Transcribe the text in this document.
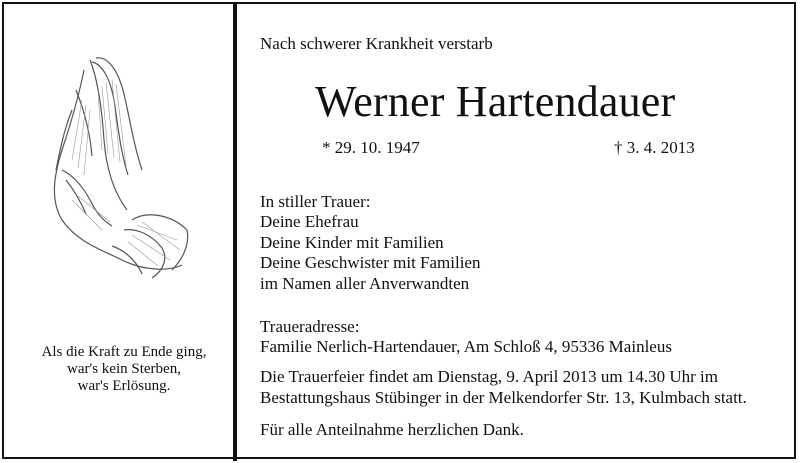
Als die Kraft zu Ende ging,
war's kein Sterben,
war's Erlösung.
Nach schwerer Krankheit verstarb
Werner Hartendauer
* 29. 10. 1947	† 3. 4. 2013
In stiller Trauer:
Deine Ehefrau
Deine Kinder mit Familien
Deine Geschwister mit Familien
im Namen aller Anverwandten
Traueradresse:
Familie Nerlich-Hartendauer, Am Schloß 4, 95336 Mainleus
Die Trauerfeier findet am Dienstag, 9. April 2013 um 14.30 Uhr im
Bestattungshaus Stübinger in der Melkendorfer Str. 13, Kulmbach statt.
Für alle Anteilnahme herzlichen Dank.
